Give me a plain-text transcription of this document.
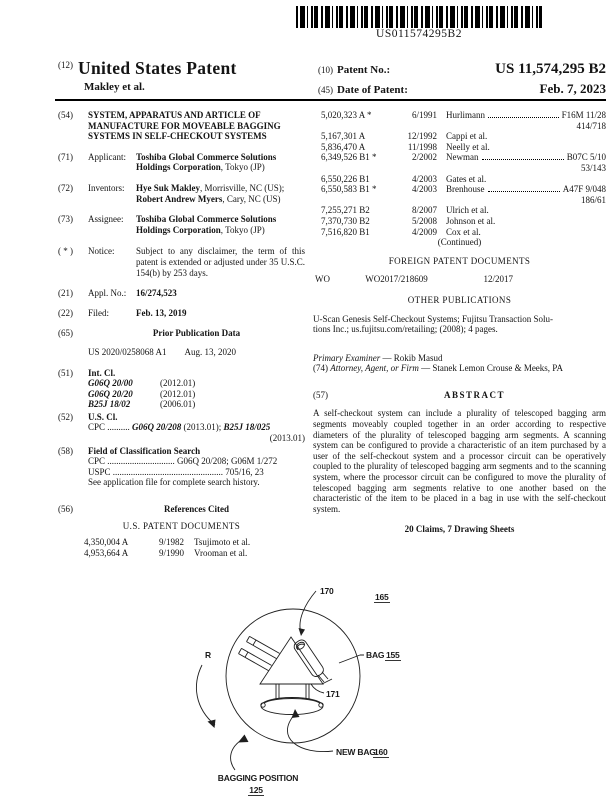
US011574295B2
$^{(12)}$ United States Patent
Makley et al.
(10) Patent No.:	US 11,574,295 B2
(45) Date of Patent:	Feb. 7, 2023
(54)	SYSTEM, APPARATUS AND ARTICLE OF MANUFACTURE FOR MOVEABLE BAGGING SYSTEMS IN SELF-CHECKOUT SYSTEMS
(71)	Applicant:	Toshiba Global Commerce Solutions Holdings Corporation, Tokyo (JP)
(72)	Inventors:	Hye Suk Makley, Morrisville, NC (US); Robert Andrew Myers, Cary, NC (US)
(73)	Assignee:	Toshiba Global Commerce Solutions Holdings Corporation, Tokyo (JP)
( * )	Notice:	Subject to any disclaimer, the term of this patent is extended or adjusted under 35 U.S.C. 154(b) by 253 days.
(21)	Appl. No.:	16/274,523
(22)	Filed:	Feb. 13, 2019
(65)	Prior Publication Data
US 2020/0258068 A1 Aug. 13, 2020
(51)	Int. Cl.
G06Q 20/00	(2012.01)
G06Q 20/20	(2012.01)
B25J 18/02	(2006.01)
(52)	U.S. Cl.
CPC .......... G06Q 20/208 (2013.01); B25J 18/025
(2013.01)
(58)	Field of Classification Search
CPC .............................. G06Q 20/208; G06M 1/272
USPC ................................................. 705/16, 23
See application file for complete search history.
(56)	References Cited
U.S. PATENT DOCUMENTS
4,350,004 A	9/1982 Tsujimoto et al.
4,953,664 A	9/1990 Vrooman et al.
5,020,323 A *	6/1991 Hurlimann	F16M 11/28
414/718
5,167,301 A	12/1992 Cappi et al.
5,836,470 A	11/1998 Neelly et al.
6,349,526 B1 *	2/2002 Newman	B07C 5/10
53/143
6,550,226 B1	4/2003 Gates et al.
6,550,583 B1 *	4/2003 Brenhouse	A47F 9/048
186/61
7,255,271 B2	8/2007 Ulrich et al.
7,370,730 B2	5/2008 Johnson et al.
7,516,820 B1	4/2009 Cox et al.
(Continued)
FOREIGN PATENT DOCUMENTS
WO	WO2017/218609	12/2017
OTHER PUBLICATIONS
U-Scan Genesis Self-Checkout Systems; Fujitsu Transaction Solu-
tions Inc.; us.fujitsu.com/retailing; (2008); 4 pages.
Primary Examiner — Rokib Masud
(74) Attorney, Agent, or Firm — Stanek Lemon Crouse & Meeks, PA
(57)	ABSTRACT
A self-checkout system can include a plurality of telescoped bagging arm segments moveably coupled together in an order according to respective diameters of the plurality of telescoped bagging arm segments. A scanning system can be configured to provide a characteristic of an item purchased by a user of the self-checkout system and a processor circuit can be operatively coupled to the plurality of telescoped bagging arm segments and to the scanning system, where the processor circuit can be configured to move the plurality of telescoped bagging arm segments relative to one another based on the characteristic of the item to be placed in a bag in use with the self-checkout system.
20 Claims, 7 Drawing Sheets
R
170
165
BAG 155
171
NEW BAG
160
BAGGING POSITION
125
